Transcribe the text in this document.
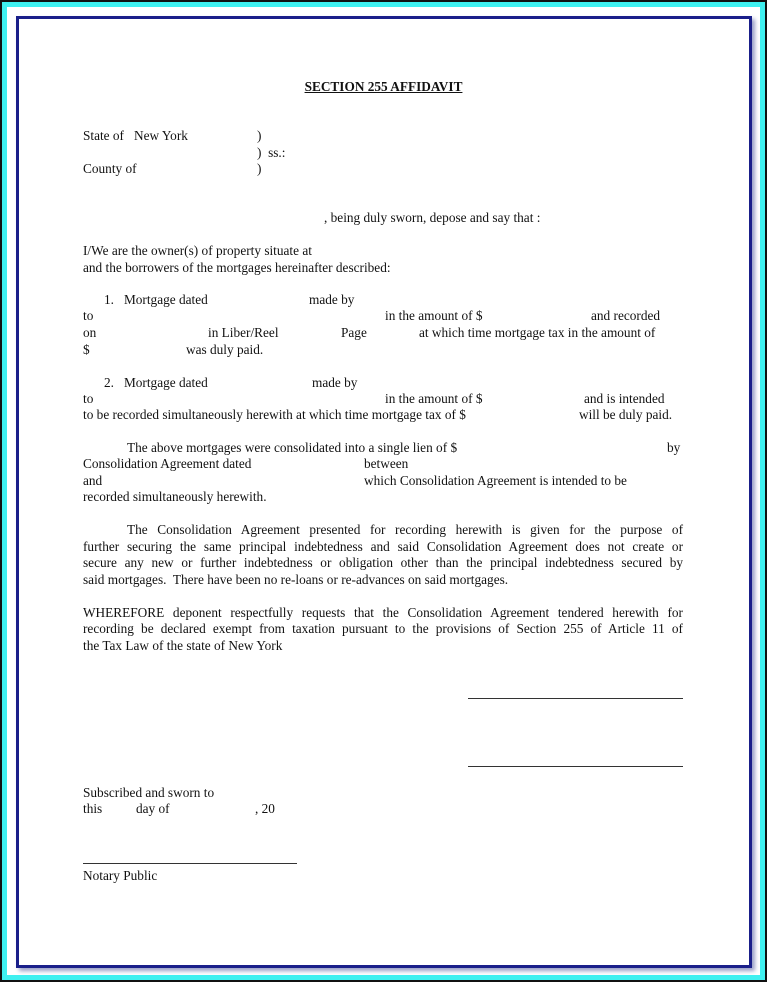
SECTION 255 AFFIDAVIT
State of   New York	)
)  ss.:
County of	)
, being duly sworn, depose and say that :
I/We are the owner(s) of property situate at
and the borrowers of the mortgages hereinafter described:
1.   Mortgage dated	made by
to	in the amount of $	and recorded
on	in Liber/Reel	Page	at which time mortgage tax in the amount of
$	was duly paid.
2.   Mortgage dated	made by
to	in the amount of $	and is intended
to be recorded simultaneously herewith at which time mortgage tax of $	will be duly paid.
The above mortgages were consolidated into a single lien of $	by
Consolidation Agreement dated	between
and	which Consolidation Agreement is intended to be
recorded simultaneously herewith.
The Consolidation Agreement presented for recording herewith is given for the purpose of
further securing the same principal indebtedness and said Consolidation Agreement does not create or
secure any new or further indebtedness or obligation other than the principal indebtedness secured by
said mortgages.  There have been no re-loans or re-advances on said mortgages.
WHEREFORE deponent respectfully requests that the Consolidation Agreement tendered herewith for
recording be declared exempt from taxation pursuant to the provisions of Section 255 of Article 11 of
the Tax Law of the state of New York
Subscribed and sworn to
this	day of	, 20
Notary Public
